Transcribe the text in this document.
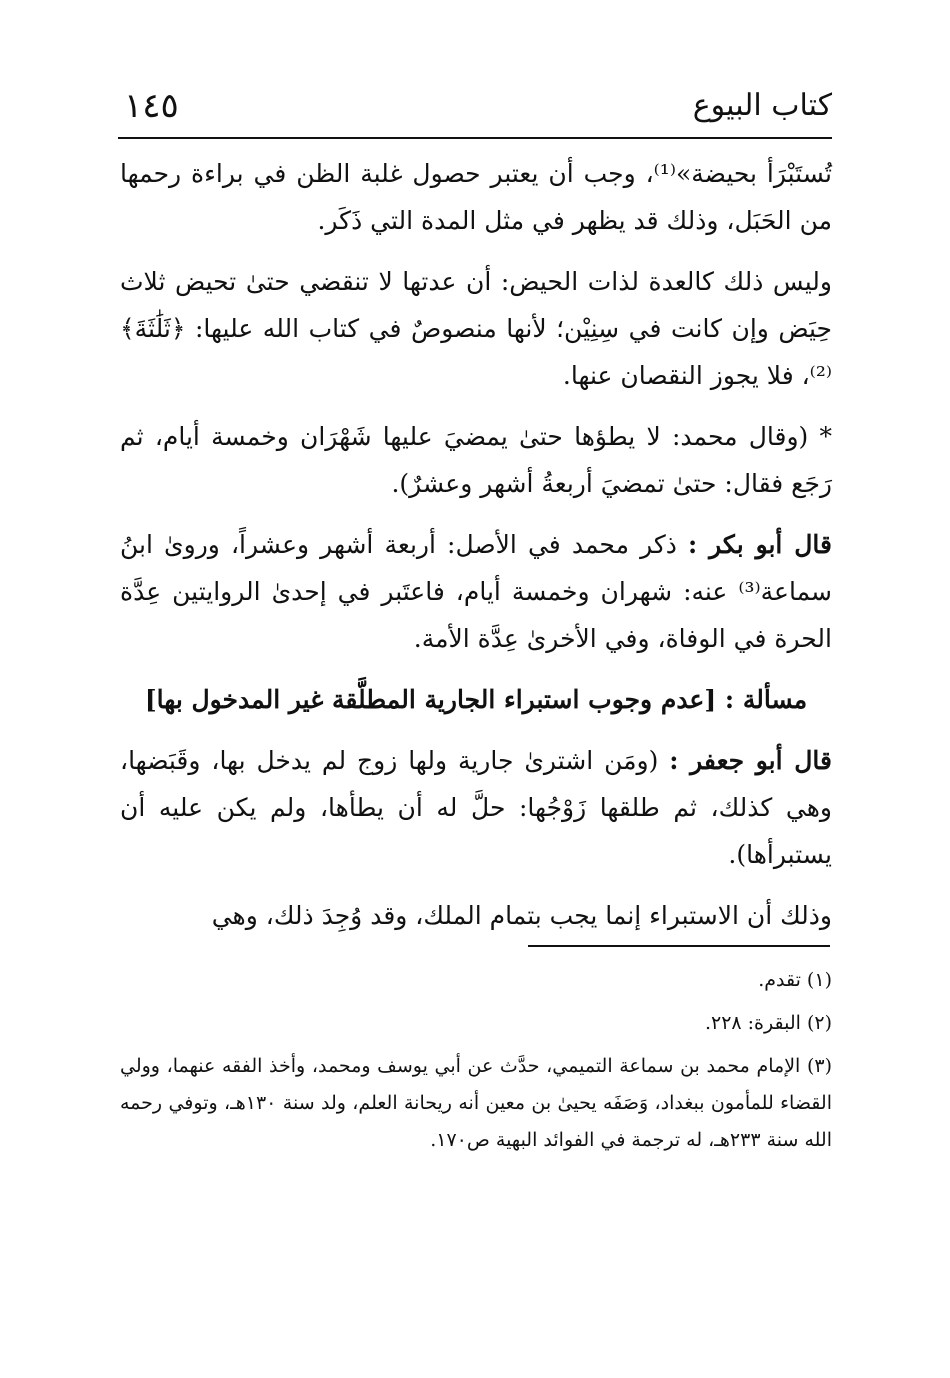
كتاب البيوع
١٤٥

تُستَبْرَأ بحيضة»⁽¹⁾، وجب أن يعتبر حصول غلبة الظن في براءة رحمها من الحَبَل، وذلك قد يظهر في مثل المدة التي ذَكَر.

وليس ذلك كالعدة لذات الحيض: أن عدتها لا تنقضي حتىٰ تحيض ثلاث حِيَض وإن كانت في سِنِيْن؛ لأنها منصوصٌ في كتاب الله عليها: ﴿ثَلَٰثَةَ﴾⁽²⁾، فلا يجوز النقصان عنها.

* (وقال محمد: لا يطؤها حتىٰ يمضيَ عليها شَهْرَان وخمسة أيام، ثم رَجَع فقال: حتىٰ تمضيَ أربعةُ أشهر وعشرٌ).

قال أبو بكر : ذكر محمد في الأصل: أربعة أشهر وعشراً، وروىٰ ابنُ سماعة⁽³⁾ عنه: شهران وخمسة أيام، فاعتَبر في إحدىٰ الروايتين عِدَّة الحرة في الوفاة، وفي الأخرىٰ عِدَّة الأمة.

مسألة : [عدم وجوب استبراء الجارية المطلَّقة غير المدخول بها]

قال أبو جعفر : (ومَن اشترىٰ جارية ولها زوج لم يدخل بها، وقَبَضها، وهي كذلك، ثم طلقها زَوْجُها: حلَّ له أن يطأها، ولم يكن عليه أن يستبرأها).

وذلك أن الاستبراء إنما يجب بتمام الملك، وقد وُجِدَ ذلك، وهي

(١) تقدم.

(٢) البقرة: ٢٢٨.

(٣) الإمام محمد بن سماعة التميمي، حدَّث عن أبي يوسف ومحمد، وأخذ الفقه عنهما، وولي القضاء للمأمون ببغداد، وَصَفَه يحيىٰ بن معين أنه ريحانة العلم، ولد سنة ١٣٠هـ، وتوفي رحمه الله سنة ٢٣٣هـ، له ترجمة في الفوائد البهية ص١٧٠.
